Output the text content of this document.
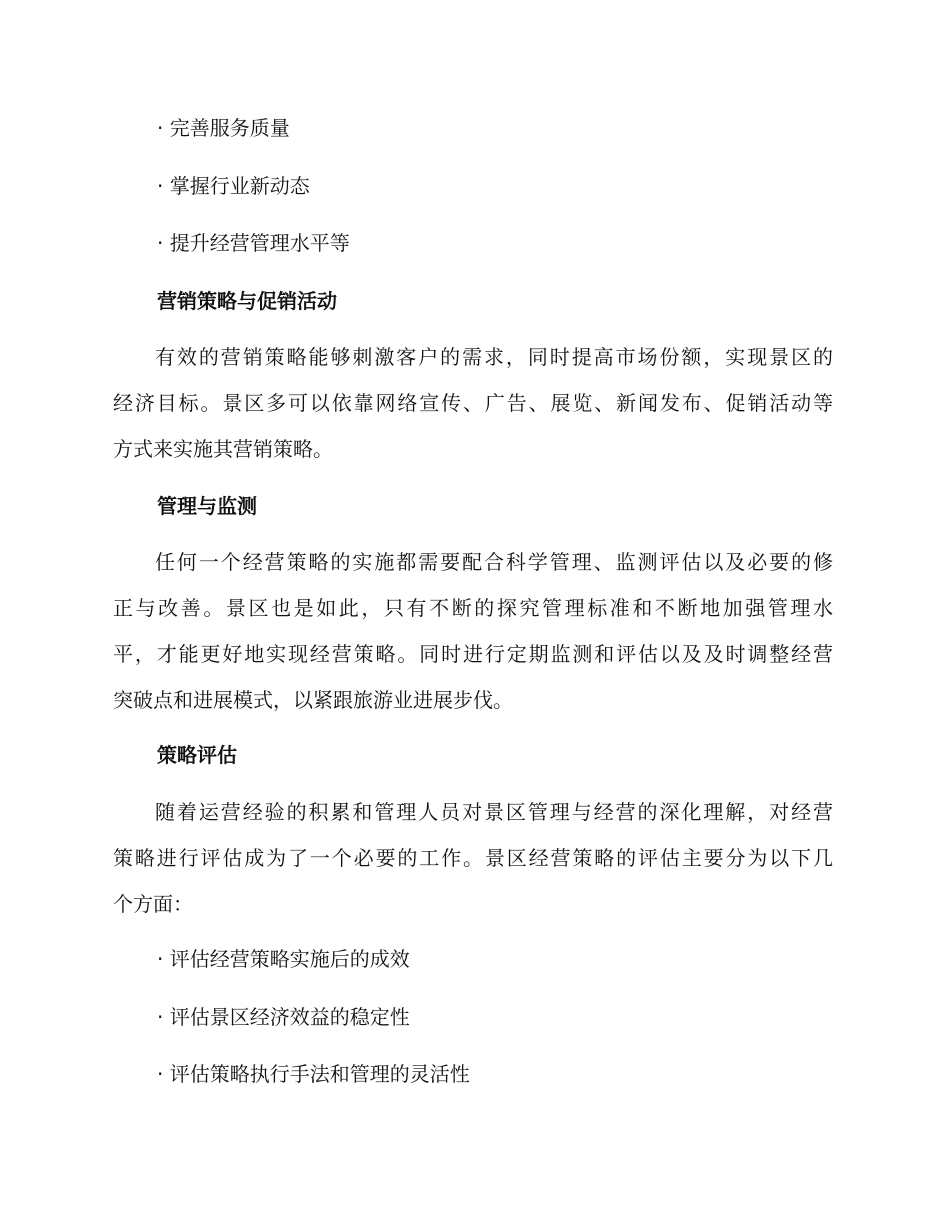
· 完善服务质量
· 掌握行业新动态
· 提升经营管理水平等
营销策略与促销活动
有效的营销策略能够刺激客户的需求，同时提高市场份额，实现景区的
经济目标。景区多可以依靠网络宣传、广告、展览、新闻发布、促销活动等
方式来实施其营销策略。
管理与监测
任何一个经营策略的实施都需要配合科学管理、监测评估以及必要的修
正与改善。景区也是如此，只有不断的探究管理标准和不断地加强管理水
平，才能更好地实现经营策略。同时进行定期监测和评估以及及时调整经营
突破点和进展模式，以紧跟旅游业进展步伐。
策略评估
随着运营经验的积累和管理人员对景区管理与经营的深化理解，对经营
策略进行评估成为了一个必要的工作。景区经营策略的评估主要分为以下几
个方面：
· 评估经营策略实施后的成效
· 评估景区经济效益的稳定性
· 评估策略执行手法和管理的灵活性
